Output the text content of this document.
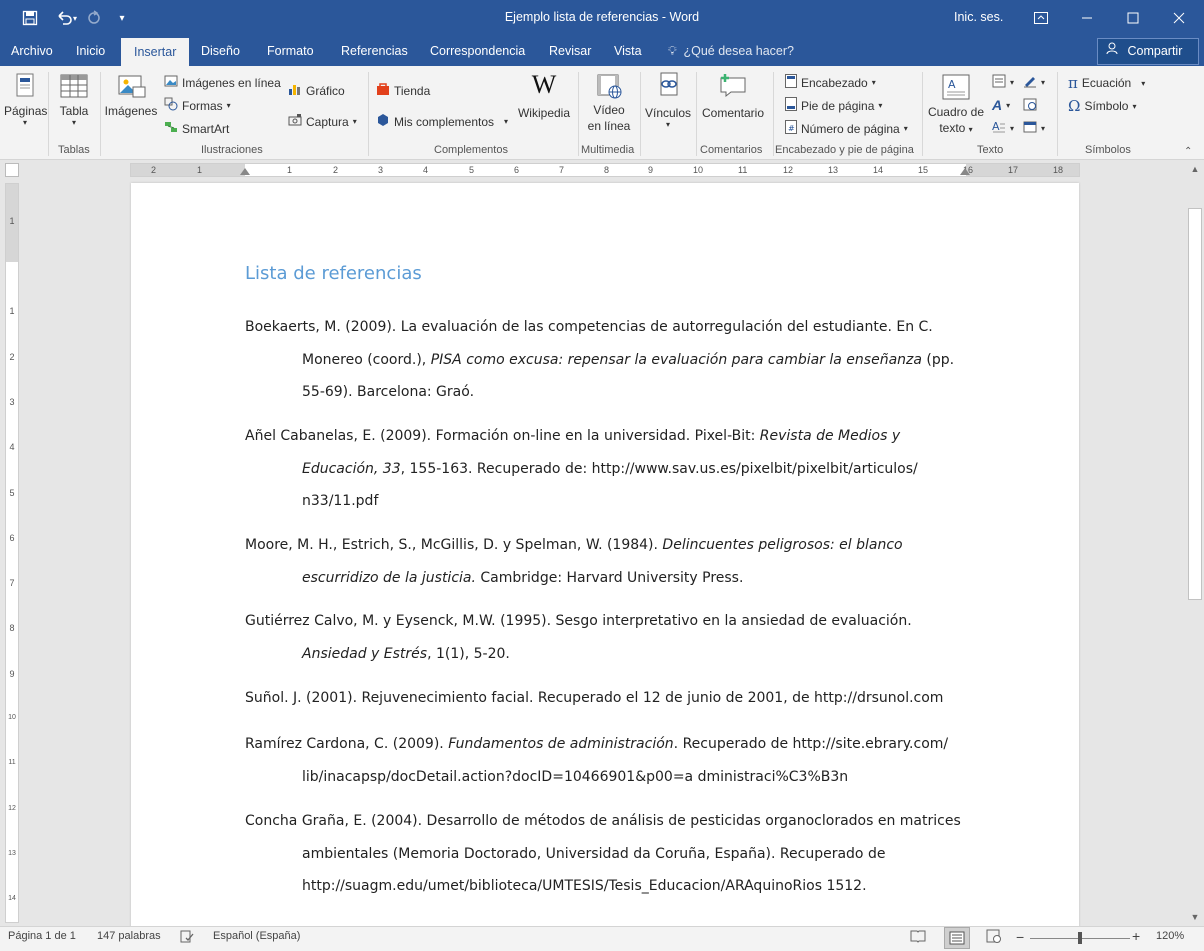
▾	▾	Ejemplo lista de referencias - Word	Inic. ses.
Archivo Inicio	Insertar	Diseño Formato Referencias Correspondencia Revisar Vista 💡︎ ¿Qué desea hacer?	Compartir
Páginas
▾
Tabla
▾
Tablas
Imágenes
Imágenes en línea
Formas ▾
SmartArt
Gráfico
Captura ▾
Ilustraciones
Tienda
Mis complementos ▾
W
Wikipedia
Complementos
Vídeo
en línea
Multimedia
Vínculos
▾
Comentario
Comentarios
Encabezado ▾
Pie de página ▾
# Número de página ▾
Encabezado y pie de página
A
Cuadro de
texto ▾
▾
A ▾
A ▾
▾
▾
Texto
π Ecuación ▾
Ω Símbolo ▾
Símbolos	⌃
2	1	1	2	3	4	5	6	7	8	9	10	11	12	13	14	15	16	17	18
1
1
2
3
4
5
6
7
8
9
10
11
12
13
14
Lista de referencias
Boekaerts, M. (2009). La evaluación de las competencias de autorregulación del estudiante. En C.
Monereo (coord.), PISA como excusa: repensar la evaluación para cambiar la enseñanza (pp.
55-69). Barcelona: Graó.
Añel Cabanelas, E. (2009). Formación on-line en la universidad. Pixel-Bit: Revista de Medios y
Educación, 33, 155-163. Recuperado de: http://www.sav.us.es/pixelbit/pixelbit/articulos/
n33/11.pdf
Moore, M. H., Estrich, S., McGillis, D. y Spelman, W. (1984). Delincuentes peligrosos: el blanco
escurridizo de la justicia. Cambridge: Harvard University Press.
Gutiérrez Calvo, M. y Eysenck, M.W. (1995). Sesgo interpretativo en la ansiedad de evaluación.
Ansiedad y Estrés, 1(1), 5-20.
Suñol. J. (2001). Rejuvenecimiento facial. Recuperado el 12 de junio de 2001, de http://drsunol.com
Ramírez Cardona, C. (2009). Fundamentos de administración. Recuperado de http://site.ebrary.com/
lib/inacapsp/docDetail.action?docID=10466901&p00=a dministraci%C3%B3n
Concha Graña, E. (2004). Desarrollo de métodos de análisis de pesticidas organoclorados en matrices
ambientales (Memoria Doctorado, Universidad da Coruña, España). Recuperado de
http://suagm.edu/umet/biblioteca/UMTESIS/Tesis_Educacion/ARAquinoRios 1512.
▲
▼
Página 1 de 1 147 palabras	Español (España)	−	+ 120%
